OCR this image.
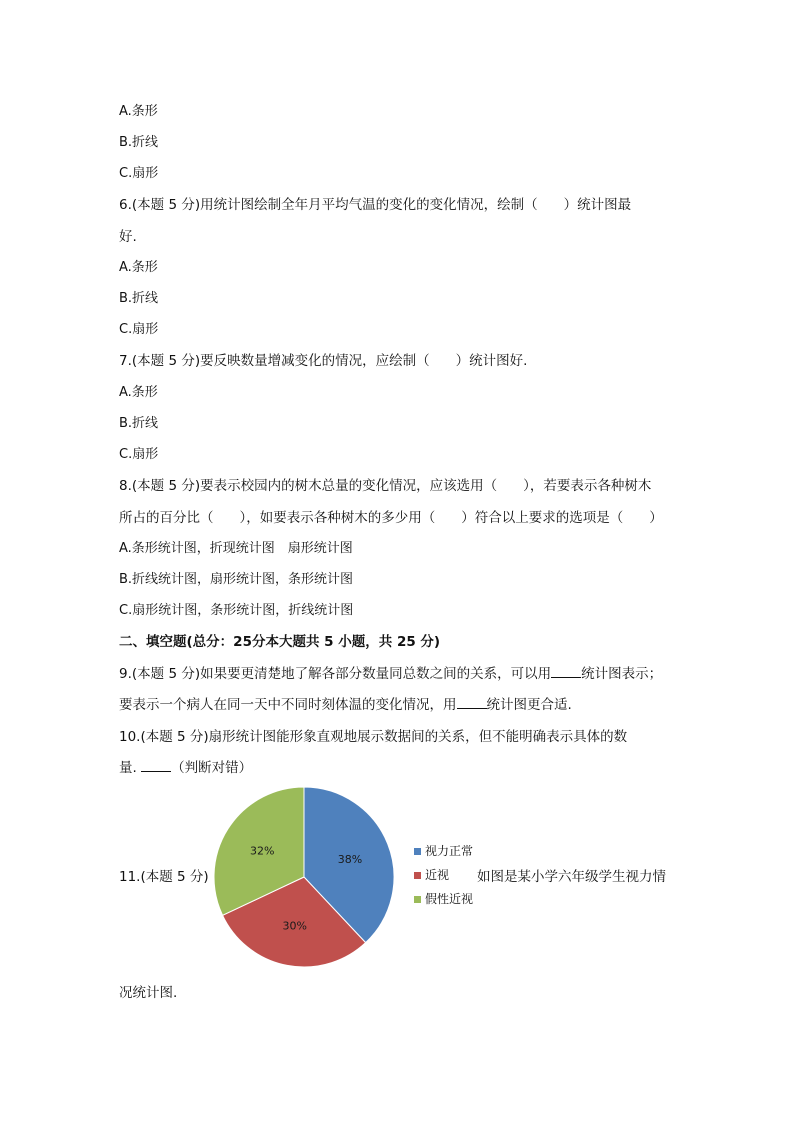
A.条形
B.折线
C.扇形
6.(本题 5 分)用统计图绘制全年月平均气温的变化的变化情况，绘制（ ）统计图最
好.
A.条形
B.折线
C.扇形
7.(本题 5 分)要反映数量增减变化的情况，应绘制（ ）统计图好.
A.条形
B.折线
C.扇形
8.(本题 5 分)要表示校园内的树木总量的变化情况，应该选用（ ），若要表示各种树木
所占的百分比（ ），如要表示各种树木的多少用（ ）符合以上要求的选项是（ ）
A.条形统计图，折现统计图　扇形统计图
B.折线统计图，扇形统计图，条形统计图
C.扇形统计图，条形统计图，折线统计图
二、填空题(总分：25分本大题共 5 小题，共 25 分)
9.(本题 5 分)如果要更清楚地了解各部分数量同总数之间的关系，可以用 统计图表示；
要表示一个病人在同一天中不同时刻体温的变化情况，用 统计图更合适.
10.(本题 5 分)扇形统计图能形象直观地展示数据间的关系，但不能明确表示具体的数
量.	（判断对错）
11.(本题 5 分)
38%
30%
32%	视力正常
近视
假性近视
如图是某小学六年级学生视力情
况统计图.
